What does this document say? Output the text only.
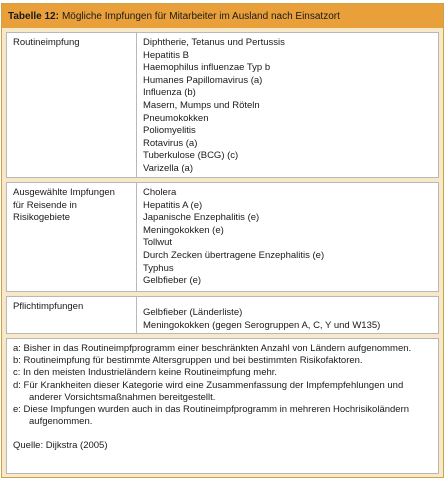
Tabelle 12: Mögliche Impfungen für Mitarbeiter im Ausland nach Einsatzort
Routineimpfung	Diphtherie, Tetanus und Pertussis
Hepatitis B
Haemophilus influenzae Typ b
Humanes Papillomavirus (a)
Influenza (b)
Masern, Mumps und Röteln
Pneumokokken
Poliomyelitis
Rotavirus (a)
Tuberkulose (BCG) (c)
Varizella (a)
Ausgewählte Impfungen
für Reisende in
Risikogebiete
Cholera
Hepatitis A (e)
Japanische Enzephalitis (e)
Meningokokken (e)
Tollwut
Durch Zecken übertragene Enzephalitis (e)
Typhus
Gelbfieber (e)
Pflichtimpfungen
Gelbfieber (Länderliste)
Meningokokken (gegen Serogruppen A, C, Y und W135)
a: Bisher in das Routineimpfprogramm einer beschränkten Anzahl von Ländern aufgenommen.
b: Routineimpfung für bestimmte Altersgruppen und bei bestimmten Risikofaktoren.
c: In den meisten Industrieländern keine Routineimpfung mehr.
d: Für Krankheiten dieser Kategorie wird eine Zusammenfassung der Impfempfehlungen und anderer Vorsichtsmaßnahmen bereitgestellt.
e: Diese Impfungen wurden auch in das Routineimpfprogramm in mehreren Hochrisikoländern aufgenommen.
Quelle: Dijkstra (2005)
